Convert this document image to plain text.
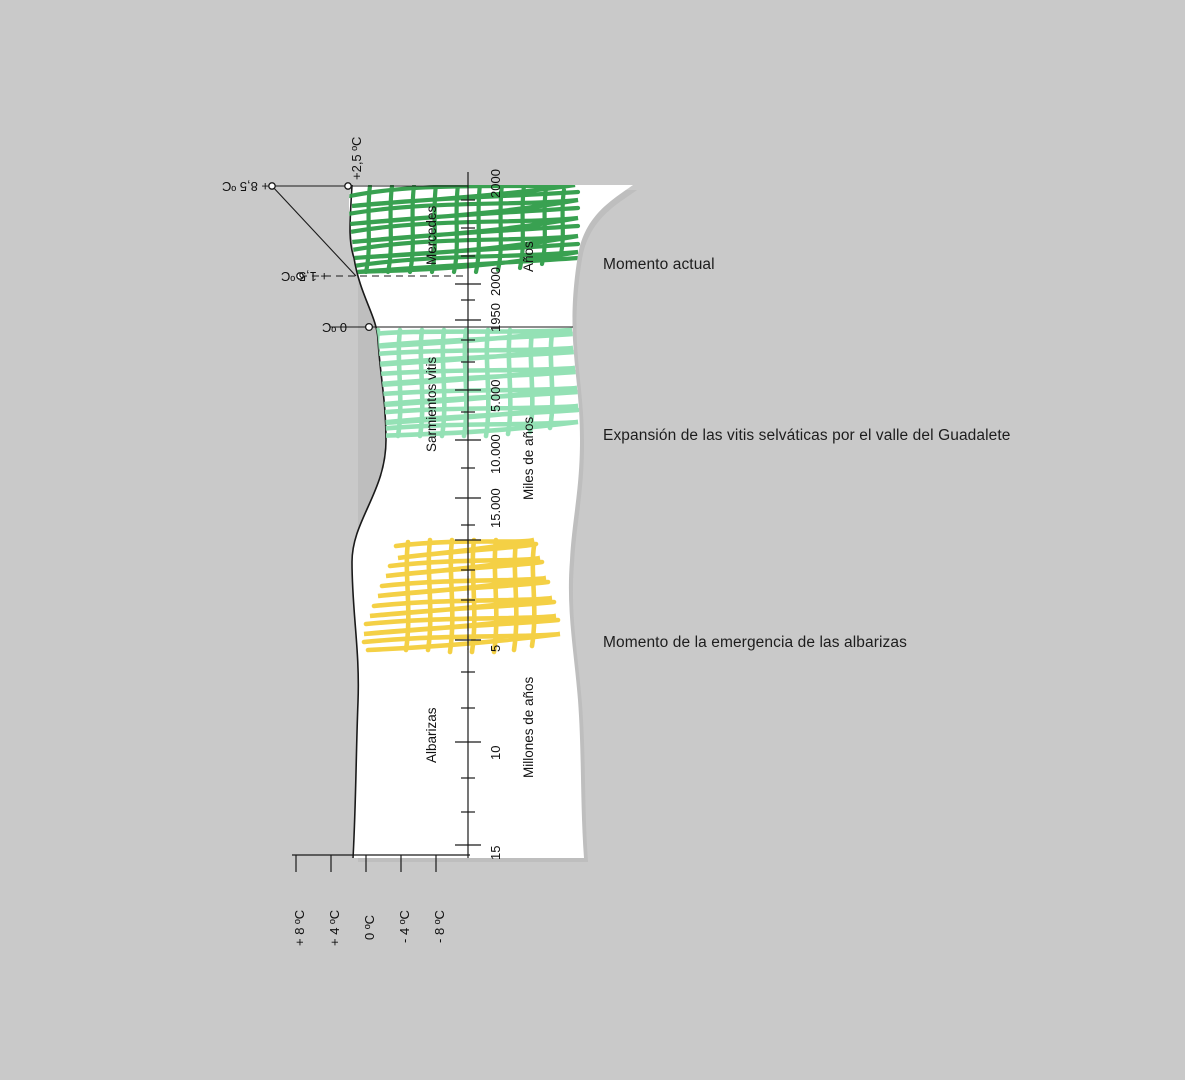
Momento actual
Expansión de las vitis selváticas por el valle del Guadalete
Momento de la emergencia de las albarizas
+ 8,5 ºC
+2,5 ºC
+ 1,5 ºC
0 ºC
+ 8 ºC + 4 ºC 0 ºC - 4 ºC - 8 ºC
Mercedes
Sarmientos vitis
Albarizas
Años
Miles de años
Millones de años
2000
2000
1950
5.000
10.000
15.000
5
10
15
